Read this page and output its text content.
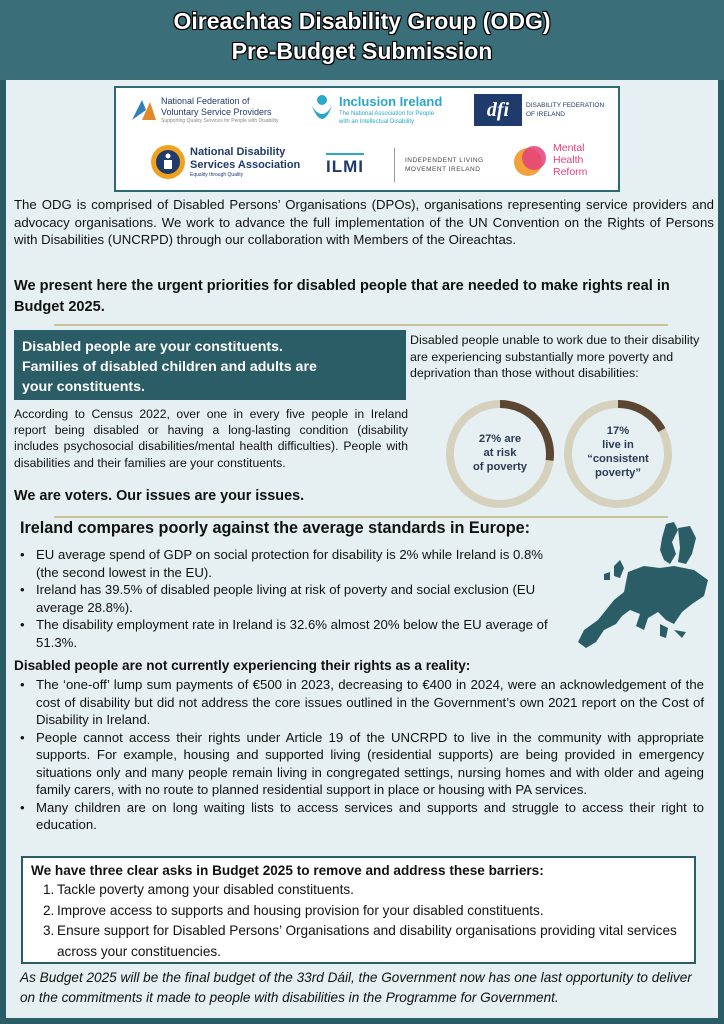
Oireachtas Disability Group (ODG)
Pre-Budget Submission
National Federation of
Voluntary Service Providers
Supporting Quality Services for People with Disability
Inclusion Ireland
The National Association for People
with an Intellectual Disability
dfi	DISABILITY FEDERATION
OF IRELAND
National Disability
Services Association
Equality through Quality	ILMI	INDEPENDENT LIVING
MOVEMENT IRELAND
Mental
Health
Reform

The ODG is comprised of Disabled Persons’ Organisations (DPOs), organisations representing service providers and advocacy organisations. We work to advance the full implementation of the UN Convention on the Rights of Persons with Disabilities (UNCRPD) through our collaboration with Members of the Oireachtas.

We present here the urgent priorities for disabled people that are needed to make rights real in Budget 2025.

Disabled people are your constituents.
Families of disabled children and adults are
your constituents.

According to Census 2022, over one in every five people in Ireland report being disabled or having a long-lasting condition (disability includes psychosocial disabilities/mental health difficulties). People with disabilities and their families are your constituents.

We are voters. Our issues are your issues.

Disabled people unable to work due to their disability are experiencing substantially more poverty and deprivation than those without disabilities:

27% are
at risk
of poverty
17%
live in
“consistent
poverty”

Ireland compares poorly against the average standards in Europe:

• EU average spend of GDP on social protection for disability is 2% while Ireland is 0.8% (the second lowest in the EU).
• Ireland has 39.5% of disabled people living at risk of poverty and social exclusion (EU average 28.8%).
• The disability employment rate in Ireland is 32.6% almost 20% below the EU average of 51.3%.

Disabled people are not currently experiencing their rights as a reality:

• The ‘one-off’ lump sum payments of €500 in 2023, decreasing to €400 in 2024, were an acknowledgement of the cost of disability but did not address the core issues outlined in the Government’s own 2021 report on the Cost of Disability in Ireland.
• People cannot access their rights under Article 19 of the UNCRPD to live in the community with appropriate supports. For example, housing and supported living (residential supports) are being provided in emergency situations only and many people remain living in congregated settings, nursing homes and with older and ageing family carers, with no route to planned residential support in place or housing with PA services.
• Many children are on long waiting lists to access services and supports and struggle to access their right to education.
We have three clear asks in Budget 2025 to remove and address these barriers:
1. Tackle poverty among your disabled constituents.
2. Improve access to supports and housing provision for your disabled constituents.
3. Ensure support for Disabled Persons’ Organisations and disability organisations providing vital services across your constituencies.

As Budget 2025 will be the final budget of the 33rd Dáil, the Government now has one last opportunity to deliver on the commitments it made to people with disabilities in the Programme for Government.
